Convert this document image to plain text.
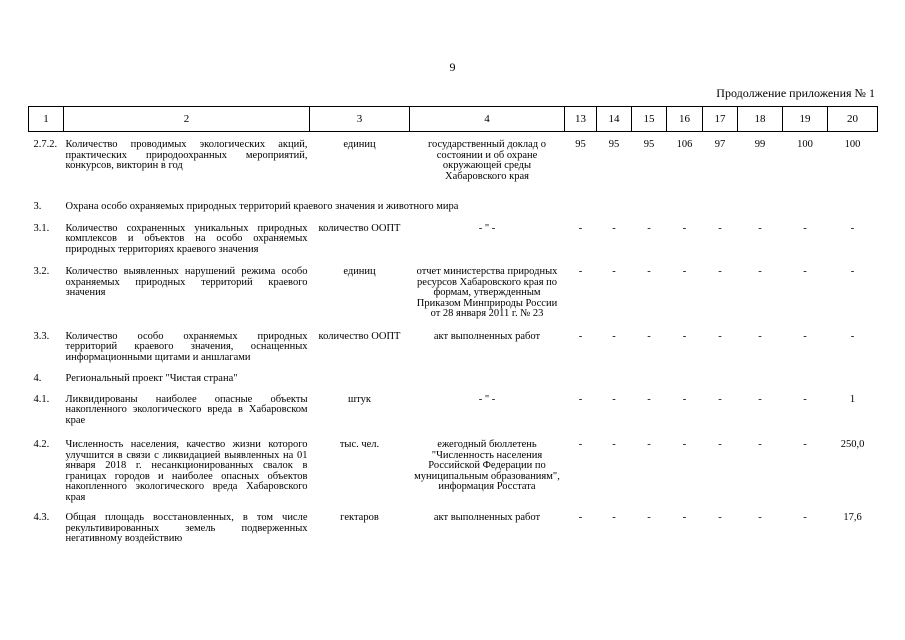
9
Продолжение приложения № 1
1	2	3	4	13	14	15	16	17	18	19	20
2.7.2.	Количество проводимых экологических акций, практических природоохранных мероприятий, конкурсов, викторин в год	единиц	государственный доклад о состоянии и об охране окружающей среды Хабаровского края	95	95	95	106	97	99	100	100
3.	Охрана особо охраняемых природных территорий краевого значения и животного мира										
3.1.	Количество сохраненных уникальных природных комплексов и объектов на особо охраняемых природных территориях краевого значения	количество ООПТ	- " -	-	-	-	-	-	-	-	-
3.2.	Количество выявленных нарушений режима особо охраняемых природных территорий краевого значения	единиц	отчет министерства природных ресурсов Хабаровского края по формам, утвержденным Приказом Минприроды России от 28 января 2011 г. № 23	-	-	-	-	-	-	-	-
3.3.	Количество особо охраняемых природных территорий краевого значения, оснащенных информационными щитами и аншлагами	количество ООПТ	акт выполненных работ	-	-	-	-	-	-	-	-
4.	Региональный проект "Чистая страна"										
4.1.	Ликвидированы наиболее опасные объекты накопленного экологического вреда в Хабаровском крае	штук	- " -	-	-	-	-	-	-	-	1
4.2.	Численность населения, качество жизни которого улучшится в связи с ликвидацией выявленных на 01 января 2018 г. несанкционированных свалок в границах городов и наиболее опасных объектов накопленного экологического вреда Хабаровского края	тыс. чел.	ежегодный бюллетень "Численность населения Российской Федерации по муниципальным образованиям", информация Росстата	-	-	-	-	-	-	-	250,0
4.3.	Общая площадь восстановленных, в том числе рекультивированных земель подверженных негативному воздействию	гектаров	акт выполненных работ	-	-	-	-	-	-	-	17,6
